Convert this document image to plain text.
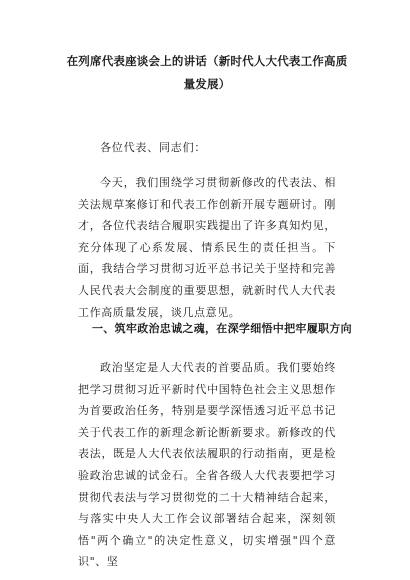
在列席代表座谈会上的讲话（新时代人大代表工作高质量发展）
各位代表、同志们：

今天，我们围绕学习贯彻新修改的代表法、相关法规草案修订和代表工作创新开展专题研讨。刚才，各位代表结合履职实践提出了许多真知灼见，充分体现了心系发展、情系民生的责任担当。下面，我结合学习贯彻习近平总书记关于坚持和完善人民代表大会制度的重要思想，就新时代人大代表工作高质量发展，谈几点意见。

一、筑牢政治忠诚之魂，在深学细悟中把牢履职方向

政治坚定是人大代表的首要品质。我们要始终把学习贯彻习近平新时代中国特色社会主义思想作为首要政治任务，特别是要学深悟透习近平总书记关于代表工作的新理念新论断新要求。新修改的代表法，既是人大代表依法履职的行动指南，更是检验政治忠诚的试金石。全省各级人大代表要把学习贯彻代表法与学习贯彻党的二十大精神结合起来，与落实中央人大工作会议部署结合起来，深刻领悟"两个确立"的决定性意义，切实增强"四个意识"、坚
